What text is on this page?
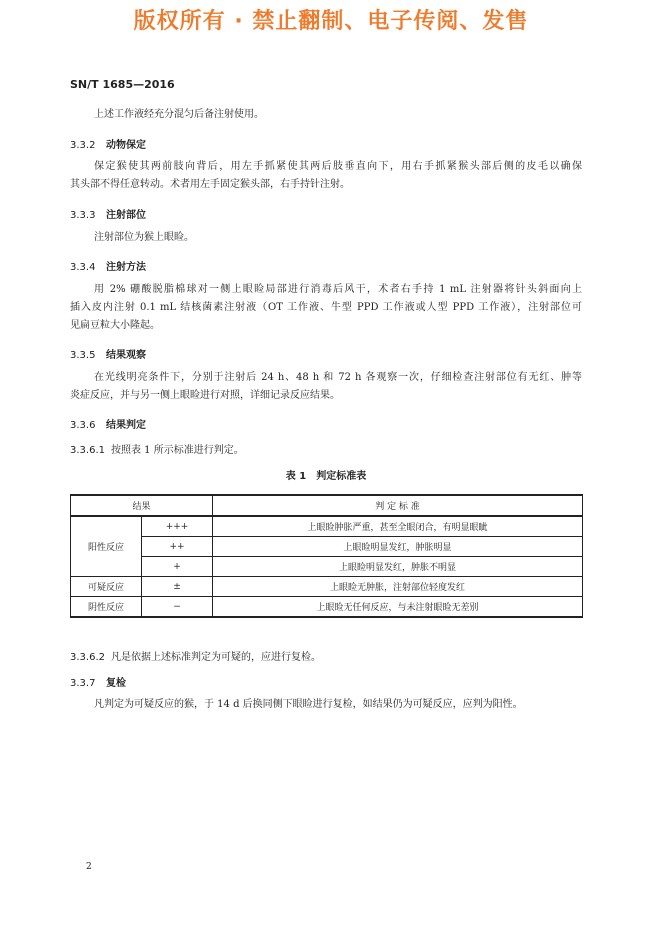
版权所有 · 禁止翻制、电子传阅、发售
SN/T 1685—2016
上述工作液经充分混匀后备注射使用。
3.3.2 动物保定
保定猴使其两前肢向背后，用左手抓紧使其两后肢垂直向下，用右手抓紧猴头部后侧的皮毛以确保
其头部不得任意转动。术者用左手固定猴头部，右手持针注射。
3.3.3 注射部位
注射部位为猴上眼睑。
3.3.4 注射方法
用 2% 硼酸脱脂棉球对一侧上眼睑局部进行消毒后风干，术者右手持 1 mL 注射器将针头斜面向上
插入皮内注射 0.1 mL 结核菌素注射液（OT 工作液、牛型 PPD 工作液或人型 PPD 工作液），注射部位可
见扁豆粒大小隆起。
3.3.5 结果观察
在光线明亮条件下，分别于注射后 24 h、48 h 和 72 h 各观察一次，仔细检查注射部位有无红、肿等
炎症反应，并与另一侧上眼睑进行对照，详细记录反应结果。
3.3.6 结果判定
3.3.6.1 按照表 1 所示标准进行判定。
表 1　判定标准表
结果		判 定 标 准
阳性反应	+++	上眼睑肿胀严重，甚至全眼闭合，有明显眼眦
	++	上眼睑明显发红，肿胀明显
	+	上眼睑明显发红，肿胀不明显
可疑反应	±	上眼睑无肿胀，注射部位轻度发红
阴性反应	−	上眼睑无任何反应，与未注射眼睑无差别
3.3.6.2 凡是依据上述标准判定为可疑的，应进行复检。
3.3.7 复检
凡判定为可疑反应的猴，于 14 d 后换同侧下眼睑进行复检，如结果仍为可疑反应，应判为阳性。
2
